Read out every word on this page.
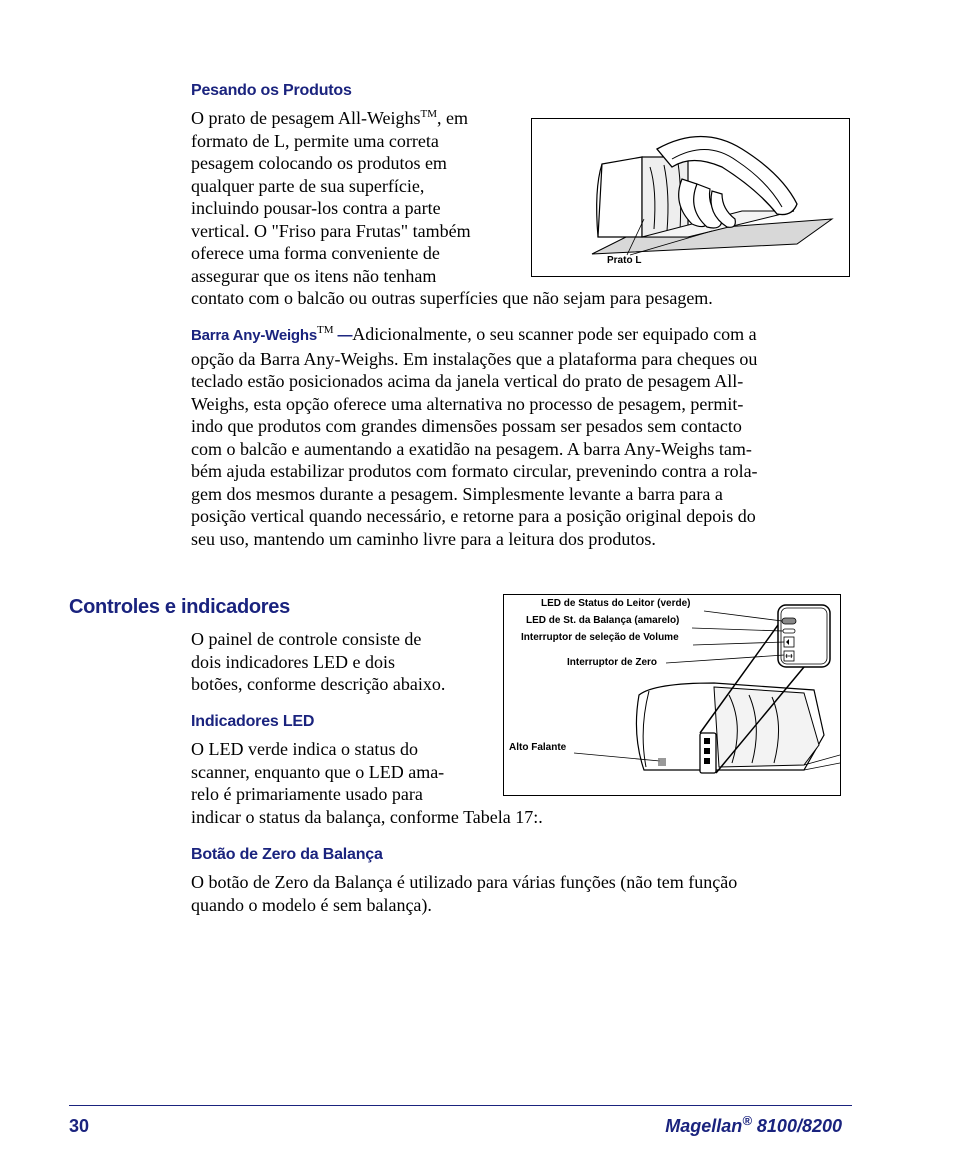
Pesando os Produtos
O prato de pesagem All-Weighs™, em
formato de L, permite uma correta
pesagem colocando os produtos em
qualquer parte de sua superfície,
incluindo pousar-los contra a parte
vertical. O "Friso para Frutas" também
oferece uma forma conveniente de
assegurar que os itens não tenham
contato com o balcão ou outras superfícies que não sejam para pesagem.
Prato L
Barra Any-Weighs™ —Adicionalmente, o seu scanner pode ser equipado com a
opção da Barra Any-Weighs. Em instalações que a plataforma para cheques ou
teclado estão posicionados acima da janela vertical do prato de pesagem All-
Weighs, esta opção oferece uma alternativa no processo de pesagem, permit-
indo que produtos com grandes dimensões possam ser pesados sem contacto
com o balcão e aumentando a exatidão na pesagem. A barra Any-Weighs tam-
bém ajuda estabilizar produtos com formato circular, prevenindo contra a rola-
gem dos mesmos durante a pesagem. Simplesmente levante a barra para a
posição vertical quando necessário, e retorne para a posição original depois do
seu uso, mantendo um caminho livre para a leitura dos produtos.
Controles e indicadores
O painel de controle consiste de
dois indicadores LED e dois
botões, conforme descrição abaixo.
Indicadores LED
O LED verde indica o status do
scanner, enquanto que o LED ama-
relo é primariamente usado para
indicar o status da balança, conforme Tabela 17:.
LED de Status do Leitor (verde)
LED de St. da Balança (amarelo)
Interruptor de seleção de Volume
Interruptor de Zero
Alto Falante
Botão de Zero da Balança
O botão de Zero da Balança é utilizado para várias funções (não tem função
quando o modelo é sem balança).
30	Magellan® 8100/8200
